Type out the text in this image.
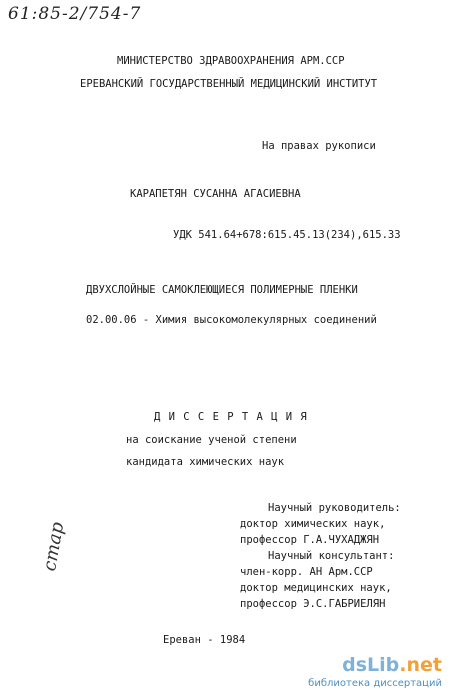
61:85-2/754-7
МИНИСТЕРСТВО ЗДРАВООХРАНЕНИЯ АРМ.ССР
ЕРЕВАНСКИЙ ГОСУДАРСТВЕННЫЙ МЕДИЦИНСКИЙ ИНСТИТУТ
На правах рукописи
КАРАПЕТЯН СУСАННА АГАСИЕВНА
УДК 541.64+678:615.45.13(234),615.33
ДВУХСЛОЙНЫЕ САМОКЛЕЮЩИЕСЯ ПОЛИМЕРНЫЕ ПЛЕНКИ
02.00.06 - Химия высокомолекулярных соединений
Д И С С Е Р Т А Ц И Я
на соискание ученой степени
кандидата химических наук
Научный руководитель:
доктор химических наук,
профессор Г.А.ЧУХАДЖЯН
Научный консультант:
член-корр. АН Арм.ССР
доктор медицинских наук,
профессор Э.С.ГАБРИЕЛЯН
стар
Ереван - 1984
dsLib.net
библиотека диссертаций
